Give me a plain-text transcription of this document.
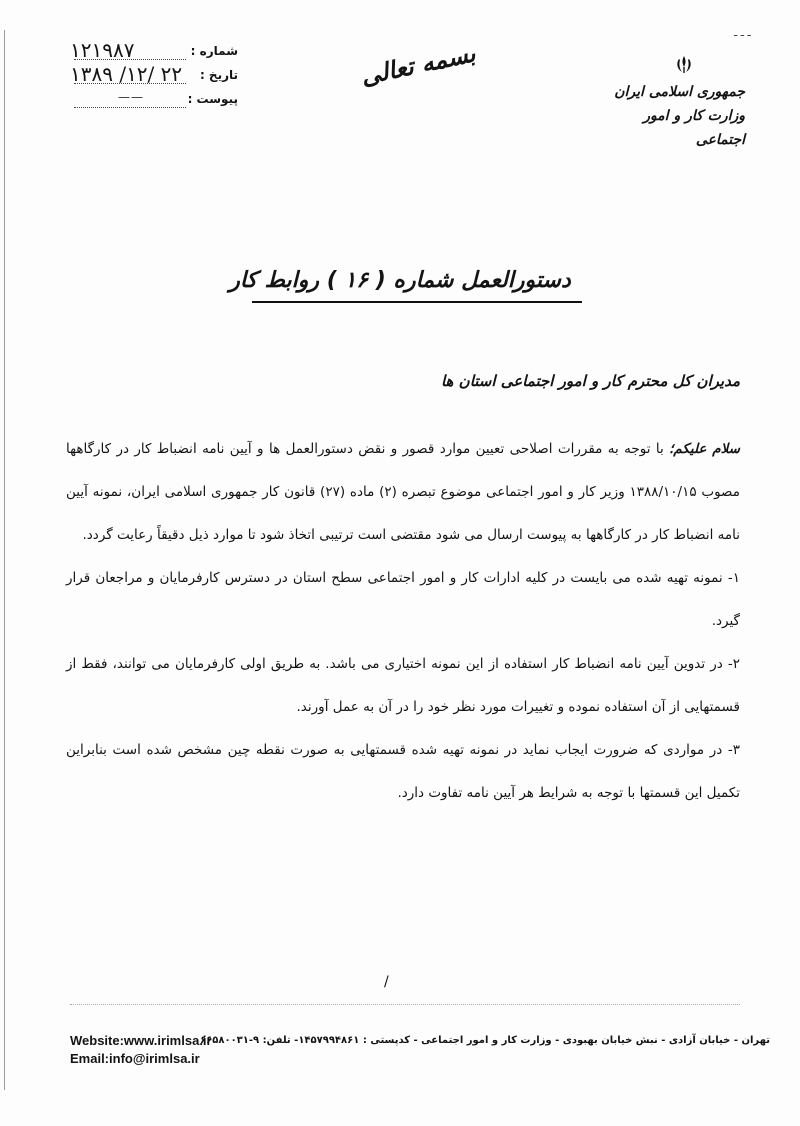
ـ ـ ـ
۱۲۱۹۸۷	شماره :
۱۳۸۹ /۱۲/ ۲۲ تاریخ :
——	پیوست :
بسمه تعالی
جمهوری اسلامی ایران
وزارت کار و امور اجتماعی
دستورالعمل شماره ( ۱۶ ) روابط کار
مدیران کل محترم کار و امور اجتماعی استان ها

سلام علیکم؛ با توجه به مقررات اصلاحی تعیین موارد قصور و نقض دستورالعمل ها و آیین نامه انضباط کار در کارگاهها مصوب ۱۳۸۸/۱۰/۱۵ وزیر کار و امور اجتماعی موضوع تبصره (۲) ماده (۲۷) قانون کار جمهوری اسلامی ایران، نمونه آیین نامه انضباط کار در کارگاهها به پیوست ارسال می شود مقتضی است ترتیبی اتخاذ شود تا موارد ذیل دقیقاً رعایت گردد.

۱- نمونه تهیه شده می بایست در کلیه ادارات کار و امور اجتماعی سطح استان در دسترس کارفرمایان و مراجعان قرار گیرد.

۲- در تدوین آیین نامه انضباط کار استفاده از این نمونه اختیاری می باشد. به طریق اولی کارفرمایان می توانند، فقط از قسمتهایی از آن استفاده نموده و تغییرات مورد نظر خود را در آن به عمل آورند.

۳- در مواردی که ضرورت ایجاب نماید در نمونه تهیه شده قسمتهایی به صورت نقطه چین مشخص شده است بنابراین تکمیل این قسمتها با توجه به شرایط هر آیین نامه تفاوت دارد.

/
تهران - خیابان آزادی - نبش خیابان بهبودی - وزارت کار و امور اجتماعی - کدپستی : ۱۴۵۷۹۹۴۸۶۱- تلفن: ۹-۶۶۵۸۰۰۳۱
Website:www.irimlsa.ir
Email:info@irimlsa.ir
